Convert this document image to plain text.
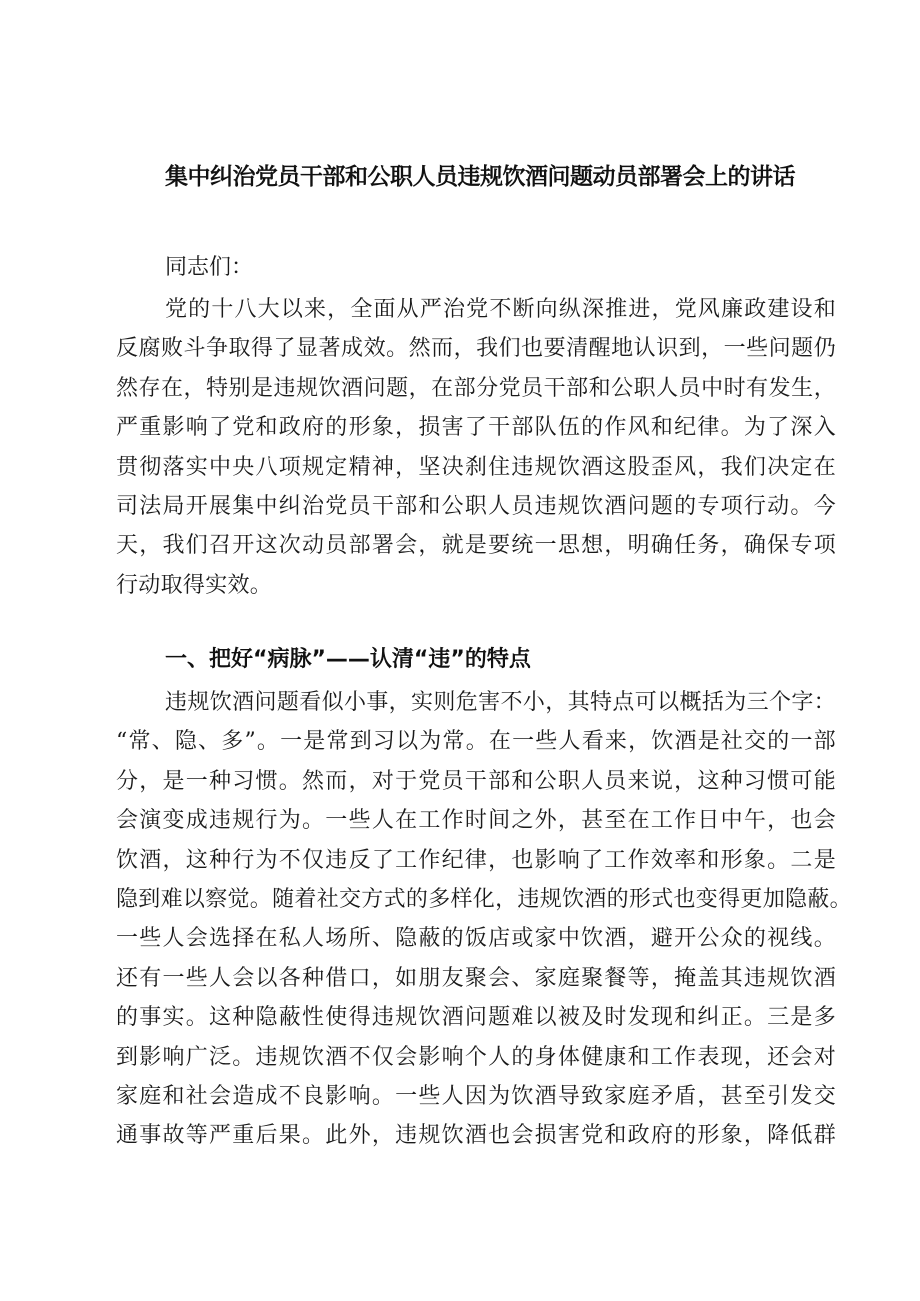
集中纠治党员干部和公职人员违规饮酒问题动员部署会上的讲话
同志们：
党的十八大以来，全面从严治党不断向纵深推进，党风廉政建设和
反腐败斗争取得了显著成效。然而，我们也要清醒地认识到，一些问题仍
然存在，特别是违规饮酒问题，在部分党员干部和公职人员中时有发生，
严重影响了党和政府的形象，损害了干部队伍的作风和纪律。为了深入
贯彻落实中央八项规定精神，坚决刹住违规饮酒这股歪风，我们决定在
司法局开展集中纠治党员干部和公职人员违规饮酒问题的专项行动。今
天，我们召开这次动员部署会，就是要统一思想，明确任务，确保专项
行动取得实效。
一、把好“病脉”——认清“违”的特点
违规饮酒问题看似小事，实则危害不小，其特点可以概括为三个字：
“常、隐、多”。一是常到习以为常。在一些人看来，饮酒是社交的一部
分，是一种习惯。然而，对于党员干部和公职人员来说，这种习惯可能
会演变成违规行为。一些人在工作时间之外，甚至在工作日中午，也会
饮酒，这种行为不仅违反了工作纪律，也影响了工作效率和形象。二是
隐到难以察觉。随着社交方式的多样化，违规饮酒的形式也变得更加隐蔽。
一些人会选择在私人场所、隐蔽的饭店或家中饮酒，避开公众的视线。
还有一些人会以各种借口，如朋友聚会、家庭聚餐等，掩盖其违规饮酒
的事实。这种隐蔽性使得违规饮酒问题难以被及时发现和纠正。三是多
到影响广泛。违规饮酒不仅会影响个人的身体健康和工作表现，还会对
家庭和社会造成不良影响。一些人因为饮酒导致家庭矛盾，甚至引发交
通事故等严重后果。此外，违规饮酒也会损害党和政府的形象，降低群
